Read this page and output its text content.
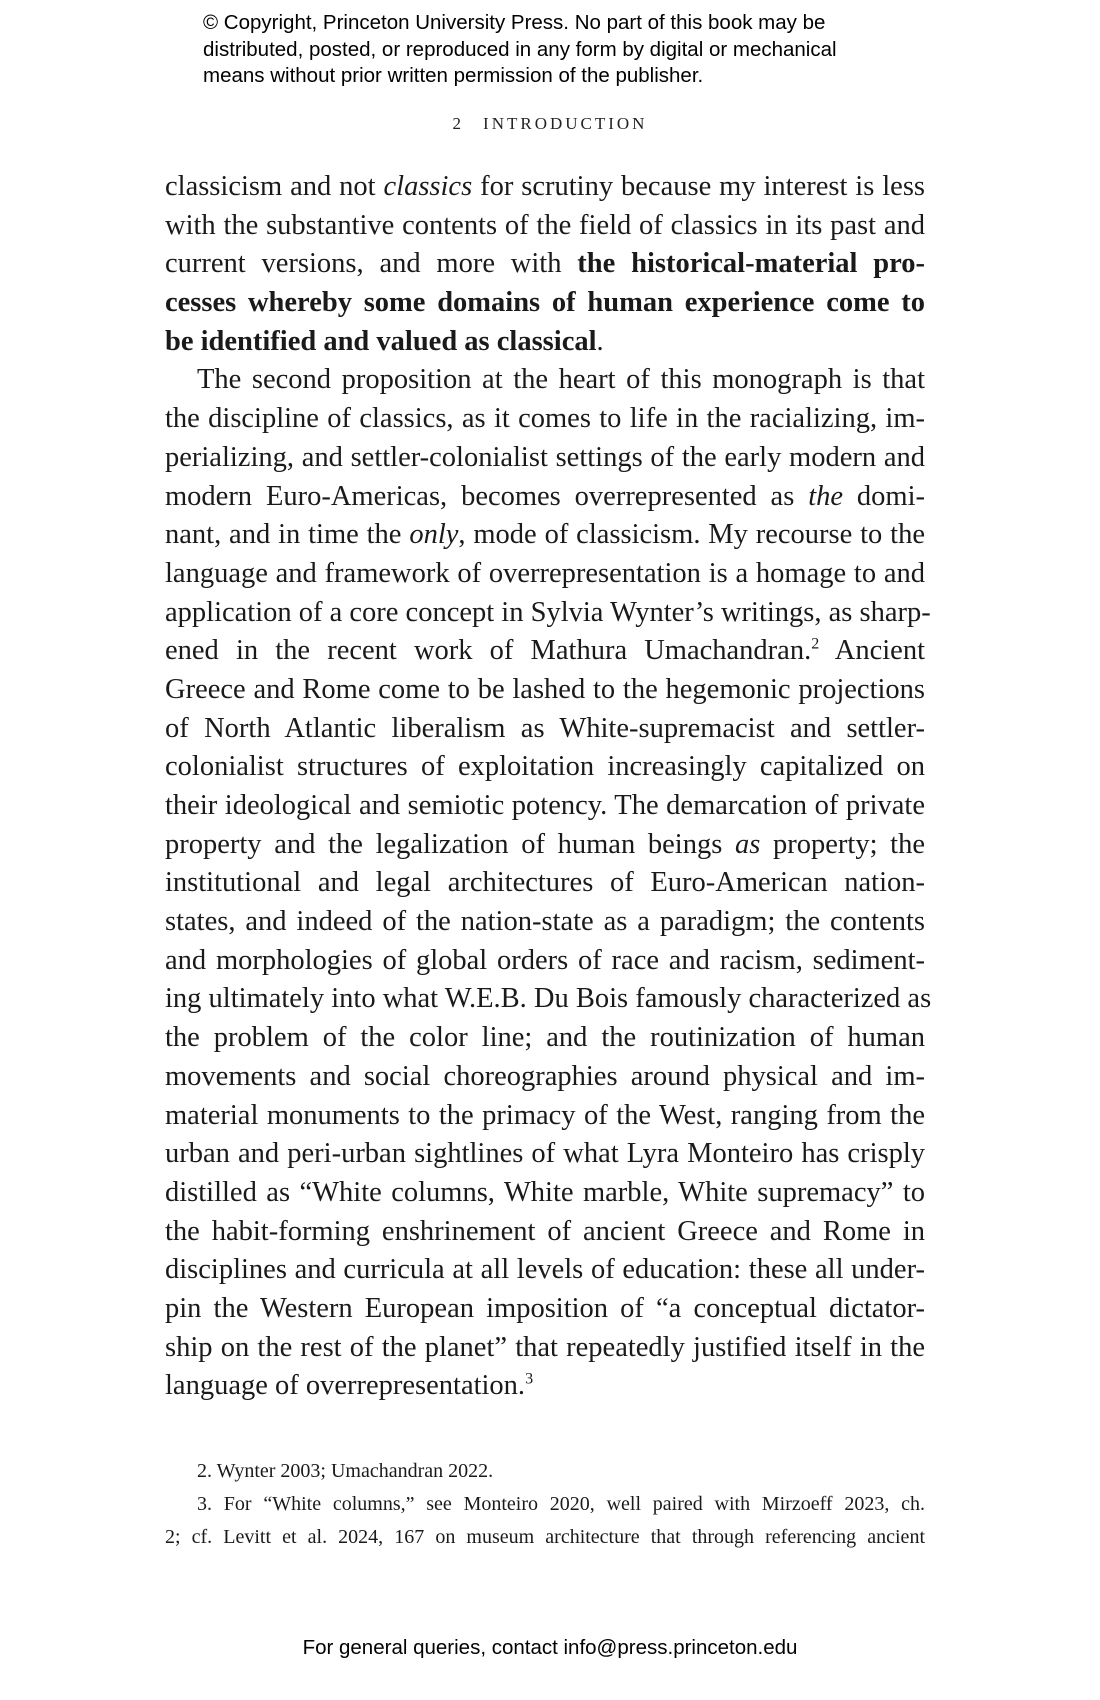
© Copyright, Princeton University Press. No part of this book may be
distributed, posted, or reproduced in any form by digital or mechanical
means without prior written permission of the publisher.
2 INTRODUCTION
classicism and not classics for scrutiny because my interest is less
with the substantive contents of the field of classics in its past and
current versions, and more with the historical-material pro-
cesses whereby some domains of human experience come to
be identified and valued as classical.
The second proposition at the heart of this monograph is that
the discipline of classics, as it comes to life in the racializing, im-
perializing, and settler-colonialist settings of the early modern and
modern Euro-Americas, becomes overrepresented as the domi-
nant, and in time the only, mode of classicism. My recourse to the
language and framework of overrepresentation is a homage to and
application of a core concept in Sylvia Wynter’s writings, as sharp-
ened in the recent work of Mathura Umachandran.$^2$ Ancient
Greece and Rome come to be lashed to the hegemonic projections
of North Atlantic liberalism as White-supremacist and settler-
colonialist structures of exploitation increasingly capitalized on
their ideological and semiotic potency. The demarcation of private
property and the legalization of human beings as property; the
institutional and legal architectures of Euro-American nation-
states, and indeed of the nation-state as a paradigm; the contents
and morphologies of global orders of race and racism, sediment-
ing ultimately into what W.E.B. Du Bois famously characterized as
the problem of the color line; and the routinization of human
movements and social choreographies around physical and im-
material monuments to the primacy of the West, ranging from the
urban and peri-urban sightlines of what Lyra Monteiro has crisply
distilled as “White columns, White marble, White supremacy” to
the habit-forming enshrinement of ancient Greece and Rome in
disciplines and curricula at all levels of education: these all under-
pin the Western European imposition of “a conceptual dictator-
ship on the rest of the planet” that repeatedly justified itself in the
language of overrepresentation.$^3$
2. Wynter 2003; Umachandran 2022.
3. For “White columns,” see Monteiro 2020, well paired with Mirzoeff 2023, ch.
2; cf. Levitt et al. 2024, 167 on museum architecture that through referencing ancient
For general queries, contact info@press.princeton.edu
